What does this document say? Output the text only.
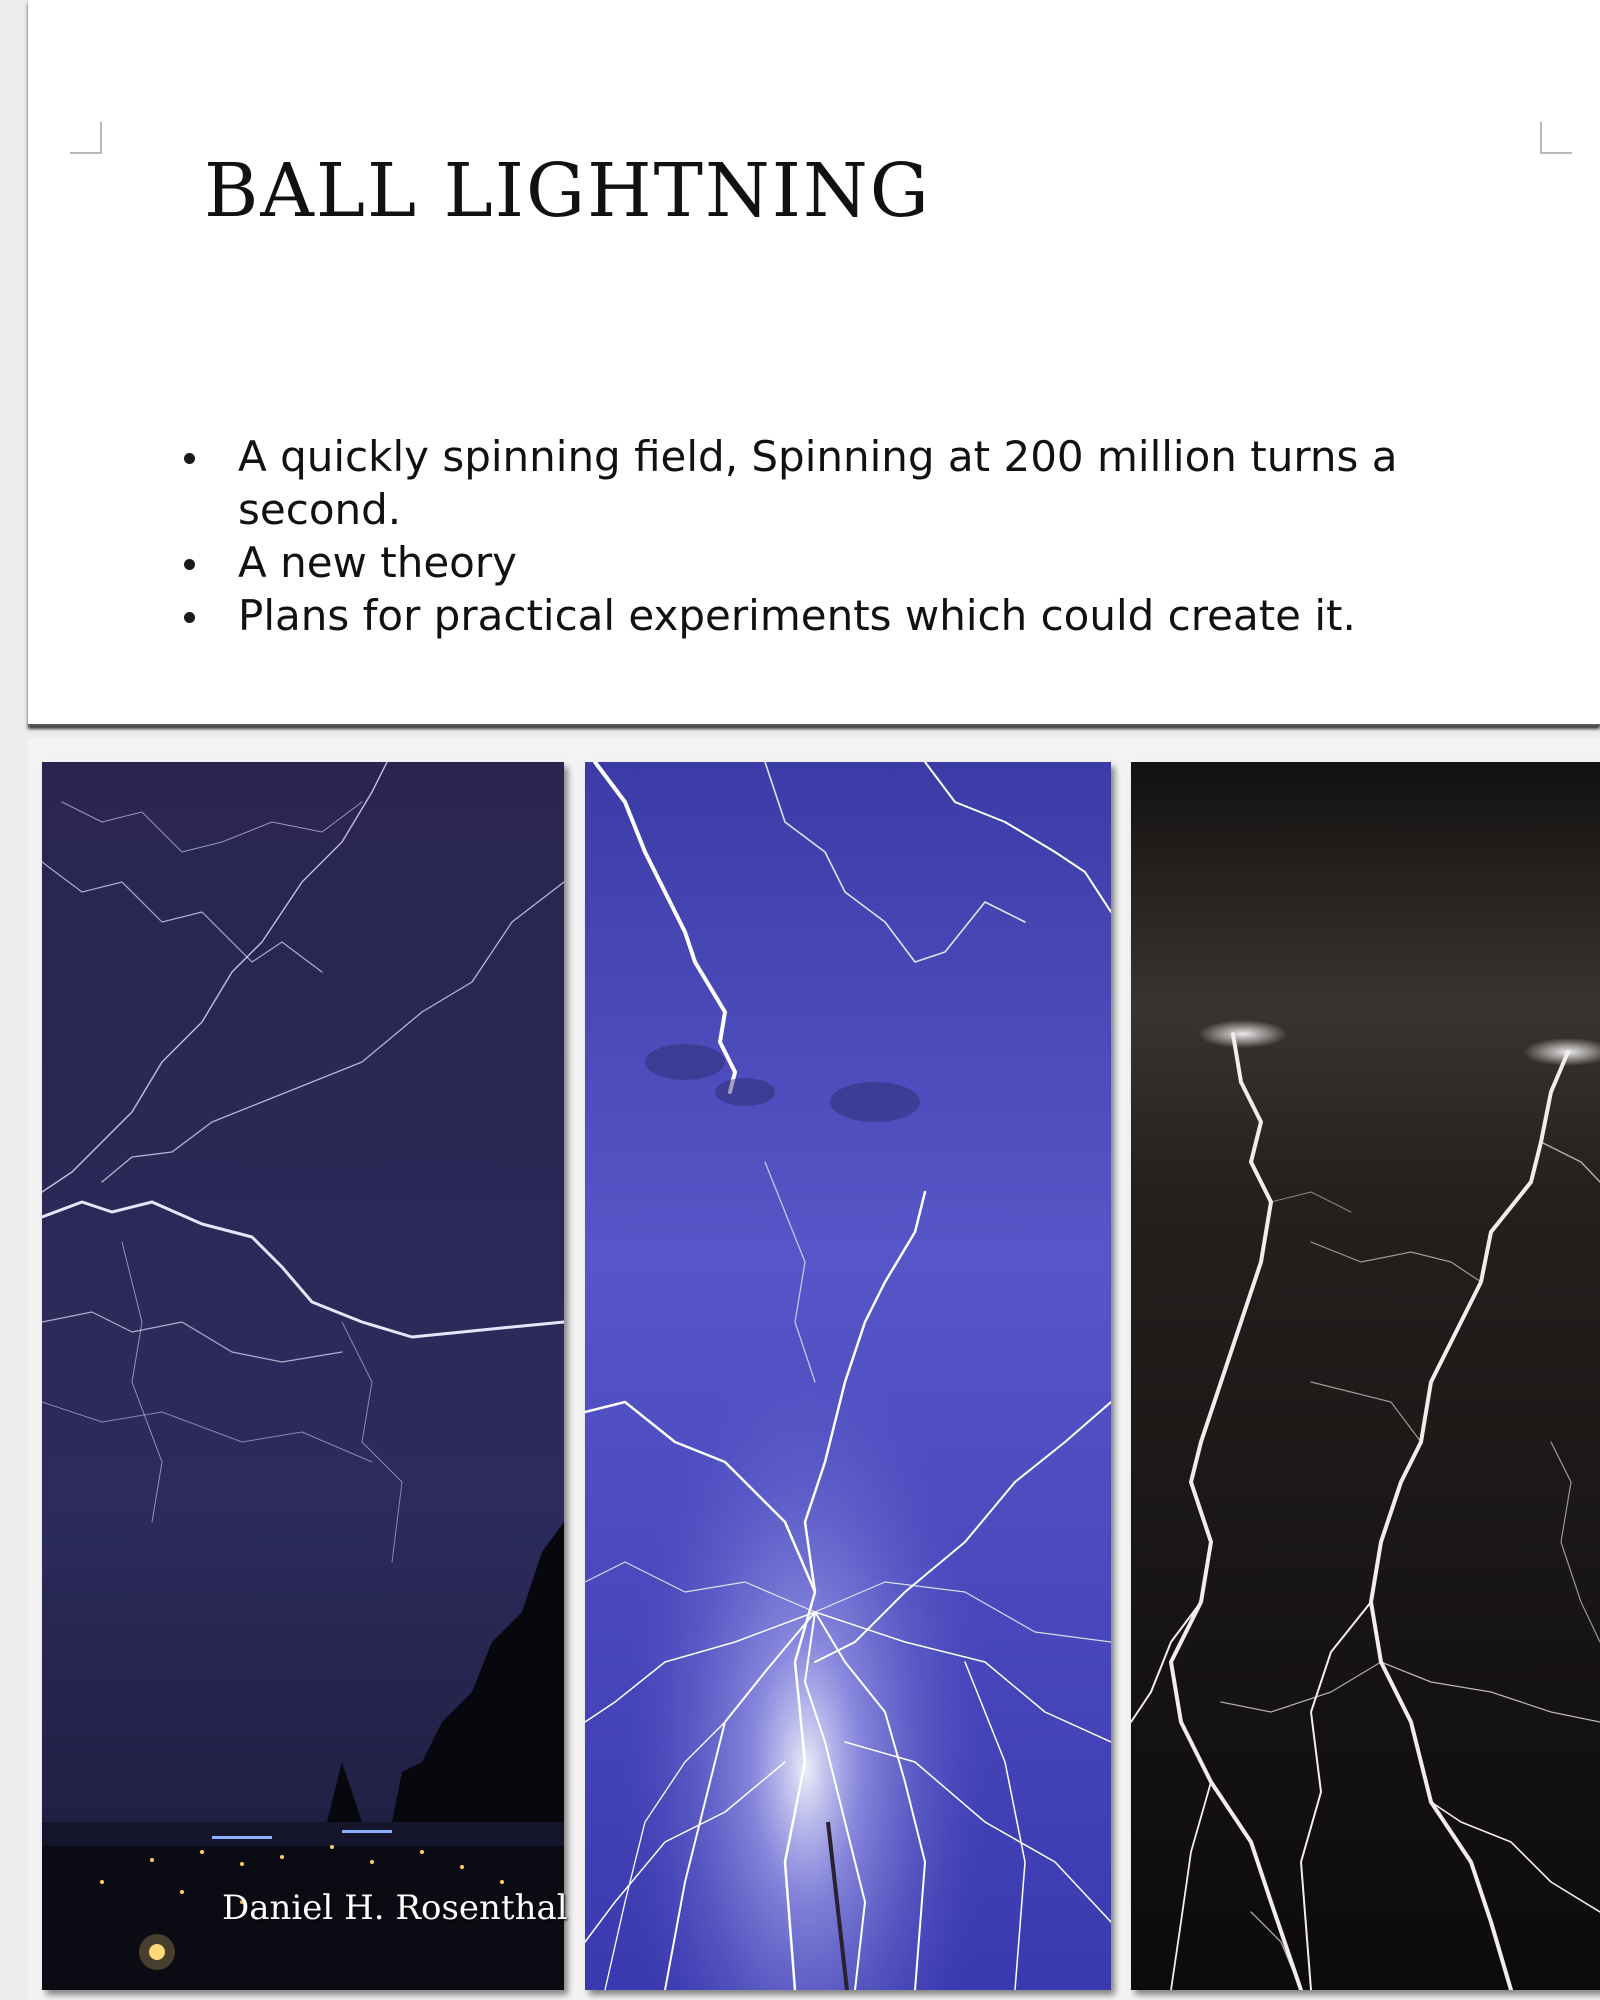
BALL LIGHTNING
A quickly spinning field, Spinning at 200 million turns a second.
A new theory
Plans for practical experiments which could create it.

Daniel H. Rosenthal
